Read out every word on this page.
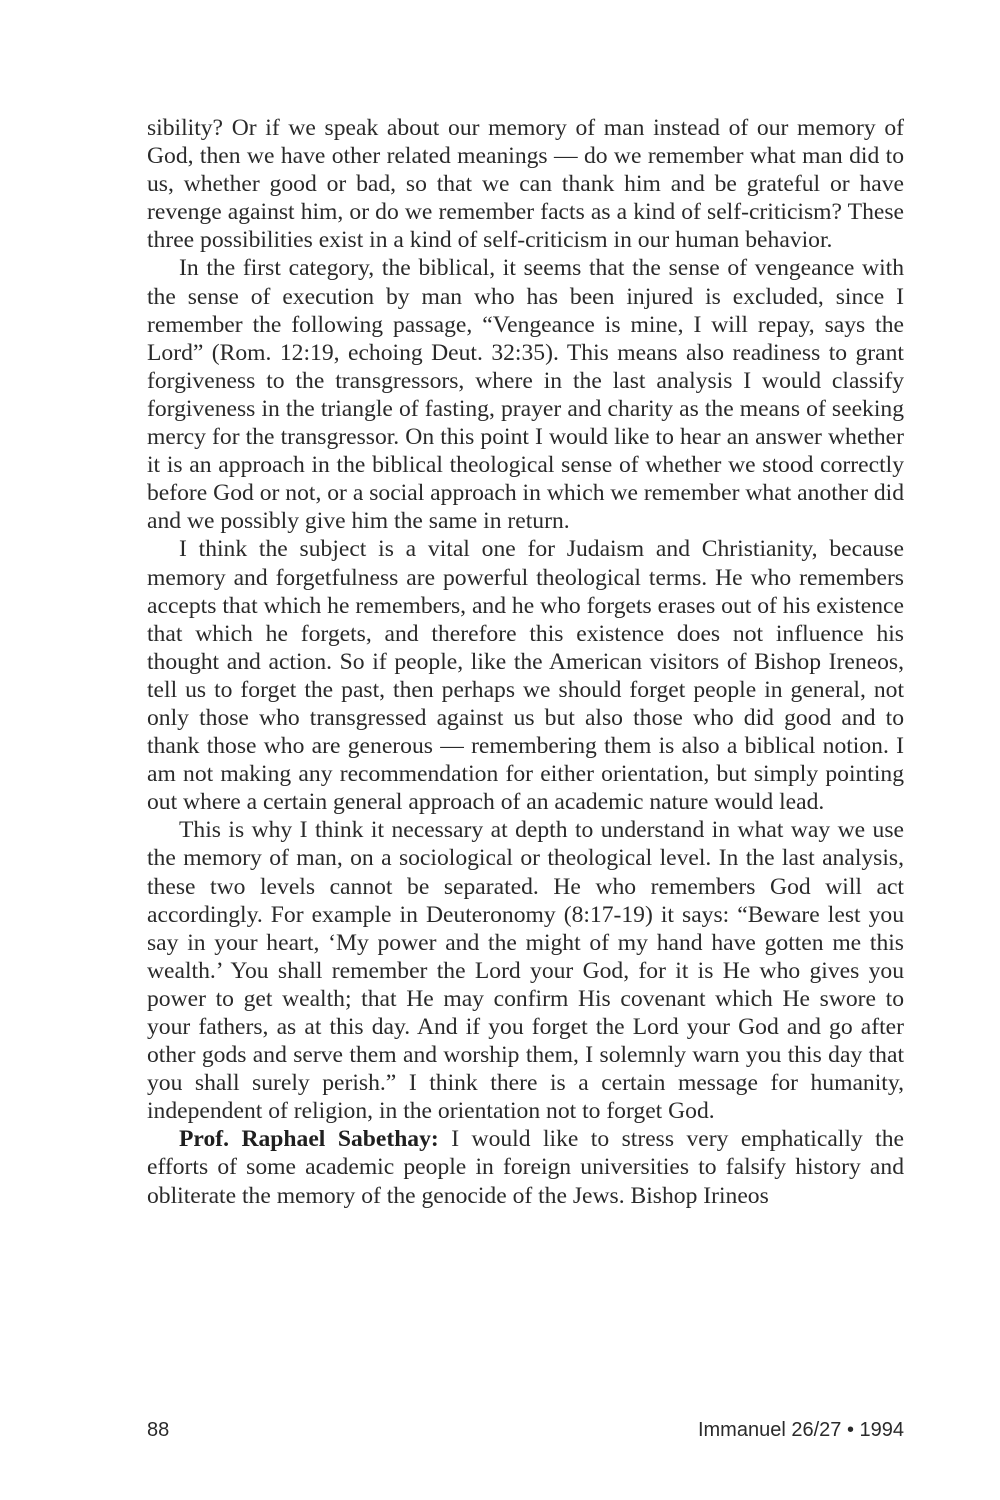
sibility? Or if we speak about our memory of man instead of our memory of God, then we have other related meanings — do we remember what man did to us, whether good or bad, so that we can thank him and be grateful or have revenge against him, or do we remember facts as a kind of self-criticism? These three possibilities exist in a kind of self-criticism in our human behavior.

In the first category, the biblical, it seems that the sense of vengeance with the sense of execution by man who has been injured is excluded, since I remember the following passage, “Vengeance is mine, I will repay, says the Lord” (Rom. 12:19, echoing Deut. 32:35). This means also readiness to grant forgiveness to the transgressors, where in the last analysis I would classify forgiveness in the triangle of fasting, prayer and charity as the means of seeking mercy for the transgressor. On this point I would like to hear an answer whether it is an approach in the biblical theological sense of whether we stood correctly before God or not, or a social approach in which we remember what another did and we possibly give him the same in return.

I think the subject is a vital one for Judaism and Christianity, because memory and forgetfulness are powerful theological terms. He who remembers accepts that which he remembers, and he who forgets erases out of his existence that which he forgets, and therefore this existence does not influence his thought and action. So if people, like the American visitors of Bishop Ireneos, tell us to forget the past, then perhaps we should forget people in general, not only those who transgressed against us but also those who did good and to thank those who are generous — remembering them is also a biblical notion. I am not making any recommendation for either orientation, but simply pointing out where a certain general approach of an academic nature would lead.

This is why I think it necessary at depth to understand in what way we use the memory of man, on a sociological or theological level. In the last analysis, these two levels cannot be separated. He who remembers God will act accordingly. For example in Deuteronomy (8:17-19) it says: “Beware lest you say in your heart, ‘My power and the might of my hand have gotten me this wealth.’ You shall remember the Lord your God, for it is He who gives you power to get wealth; that He may confirm His covenant which He swore to your fathers, as at this day. And if you forget the Lord your God and go after other gods and serve them and worship them, I solemnly warn you this day that you shall surely perish.” I think there is a certain message for humanity, independent of religion, in the orientation not to forget God.

Prof. Raphael Sabethay: I would like to stress very emphatically the efforts of some academic people in foreign universities to falsify history and obliterate the memory of the genocide of the Jews. Bishop Irineos

88	Immanuel 26/27 • 1994
